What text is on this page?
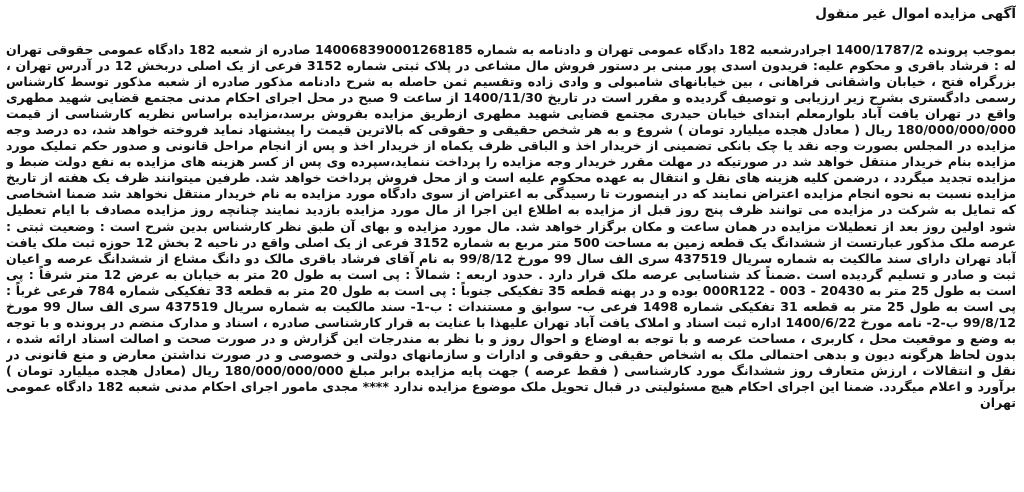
آگهی مزایده اموال غیر منقول

بموجب پرونده 1400/1787/2 اجرادرشعبه 182 دادگاه عمومی تهران و دادنامه به شماره 140068390001268185 صادره از شعبه 182 دادگاه عمومی حقوقی تهران له : فرشاد باقری و محکوم علیه: فریدون اسدی پور مبنی بر دستور فروش مال مشاعی در پلاک ثبتی شماره 3152 فرعی از یک اصلی دربخش 12 در آدرس تهران ، بزرگراه فتح ، خیابان واشقانی فراهانی ، بین خیابانهای شامبولی و وادی زاده وتقسیم ثمن حاصله به شرح دادنامه مذکور صادره از شعبه مذکور توسط کارشناس رسمی دادگستری بشرح زیر ارزیابی و توصیف گردیده و مقرر است در تاریخ 1400/11/30 از ساعت 9 صبح در محل اجرای احکام مدنی مجتمع قضایی شهید مطهری واقع در تهران یافت آباد بلوارمعلم ابتدای خیابان حیدری مجتمع قضایی شهید مطهری ازطریق مزایده بفروش برسد،مزایده براساس نظریه کارشناسی از قیمت 180/000/000/000 ریال ( معادل هجده میلیارد تومان ) شروع و به هر شخص حقیقی و حقوقی که بالاترین قیمت را پیشنهاد نماید فروخته خواهد شد، ده درصد وجه مزایده در المجلس بصورت وجه نقد یا چک بانکی تضمینی از خریدار اخذ و الباقی ظرف یکماه از خریدار اخذ و پس از انجام مراحل قانونی و صدور حکم تملیک مورد مزایده بنام خریدار منتقل خواهد شد در صورتیکه در مهلت مقرر خریدار وجه مزایده را پرداخت ننماید،سپرده وی پس از کسر هزینه های مزایده به نفع دولت ضبط و مزایده تجدید میگردد ، درضمن کلیه هزینه های نقل و انتقال به عهده محکوم علیه است و از محل فروش پرداخت خواهد شد. طرفین میتوانند ظرف یک هفته از تاریخ مزایده نسبت به نحوه انجام مزایده اعتراض نمایند که در اینصورت تا رسیدگی به اعتراض از سوی دادگاه مورد مزایده به نام خریدار منتقل نخواهد شد ضمنا اشخاصی که تمایل به شرکت در مزایده می توانند ظرف پنج روز قبل از مزایده به اطلاع این اجرا از مال مورد مزایده بازدید نمایند چنانچه روز مزایده مصادف با ایام تعطیل شود اولین روز بعد از تعطیلات مزایده در همان ساعت و مکان برگزار خواهد شد. مال مورد مزایده و بهای آن طبق نظر کارشناس بدین شرح است : وضعیت ثبتی : عرصه ملک مذکور عبارتست از ششدانگ یک قطعه زمین به مساحت 500 متر مربع به شماره 3152 فرعی از یک اصلی واقع در ناحیه 2 بخش 12 حوزه ثبت ملک یافت آباد تهران دارای سند مالکیت به شماره سریال 437519 سری الف سال 99 مورخ 99/8/12 به نام آقای فرشاد باقری مالک دو دانگ مشاع از ششدانگ عرصه و اعیان ثبت و صادر و تسلیم گردیده است .ضمناً کد شناسایی عرصه ملک قرار دارد . حدود اربعه : شمالاً : پی است به طول 20 متر به خیابان به عرض 12 متر شرقاً : پی است به طول 25 متر به 000R122 - 003 - 20430 بوده و در پهنه قطعه 35 تفکیکی جنوباً : پی است به طول 20 متر به قطعه 33 تفکیکی شماره 784 فرعی غرباً : پی است به طول 25 متر به قطعه 31 تفکیکی شماره 1498 فرعی ب- سوابق و مستندات : ب-1- سند مالکیت به شماره سریال 437519 سری الف سال 99 مورخ 99/8/12 ب-2- نامه مورخ 1400/6/22 اداره ثبت اسناد و املاک یافت آباد تهران علیهذا با عنایت به قرار کارشناسی صادره ، اسناد و مدارک منضم در پرونده و با توجه به وضع و موقعیت محل ، کاربری ، مساحت عرصه و با توجه به اوضاع و احوال روز و با نظر به مندرجات این گزارش و در صورت صحت و اصالت اسناد ارائه شده ، بدون لحاظ هرگونه دیون و بدهی احتمالی ملک به اشخاص حقیقی و حقوقی و ادارات و سازمانهای دولتی و خصوصی و در صورت نداشتن معارض و منع قانونی در نقل و انتقالات ، ارزش متعارف روز ششدانگ مورد کارشناسی ( فقط عرصه ) جهت پایه مزایده برابر مبلغ 180/000/000/000 ریال (معادل هجده میلیارد تومان ) برآورد و اعلام میگردد. ضمنا این اجرای احکام هیچ مسئولیتی در قبال تحویل ملک موضوع مزایده ندارد **** مجدی مامور اجرای احکام مدنی شعبه 182 دادگاه عمومی تهران
